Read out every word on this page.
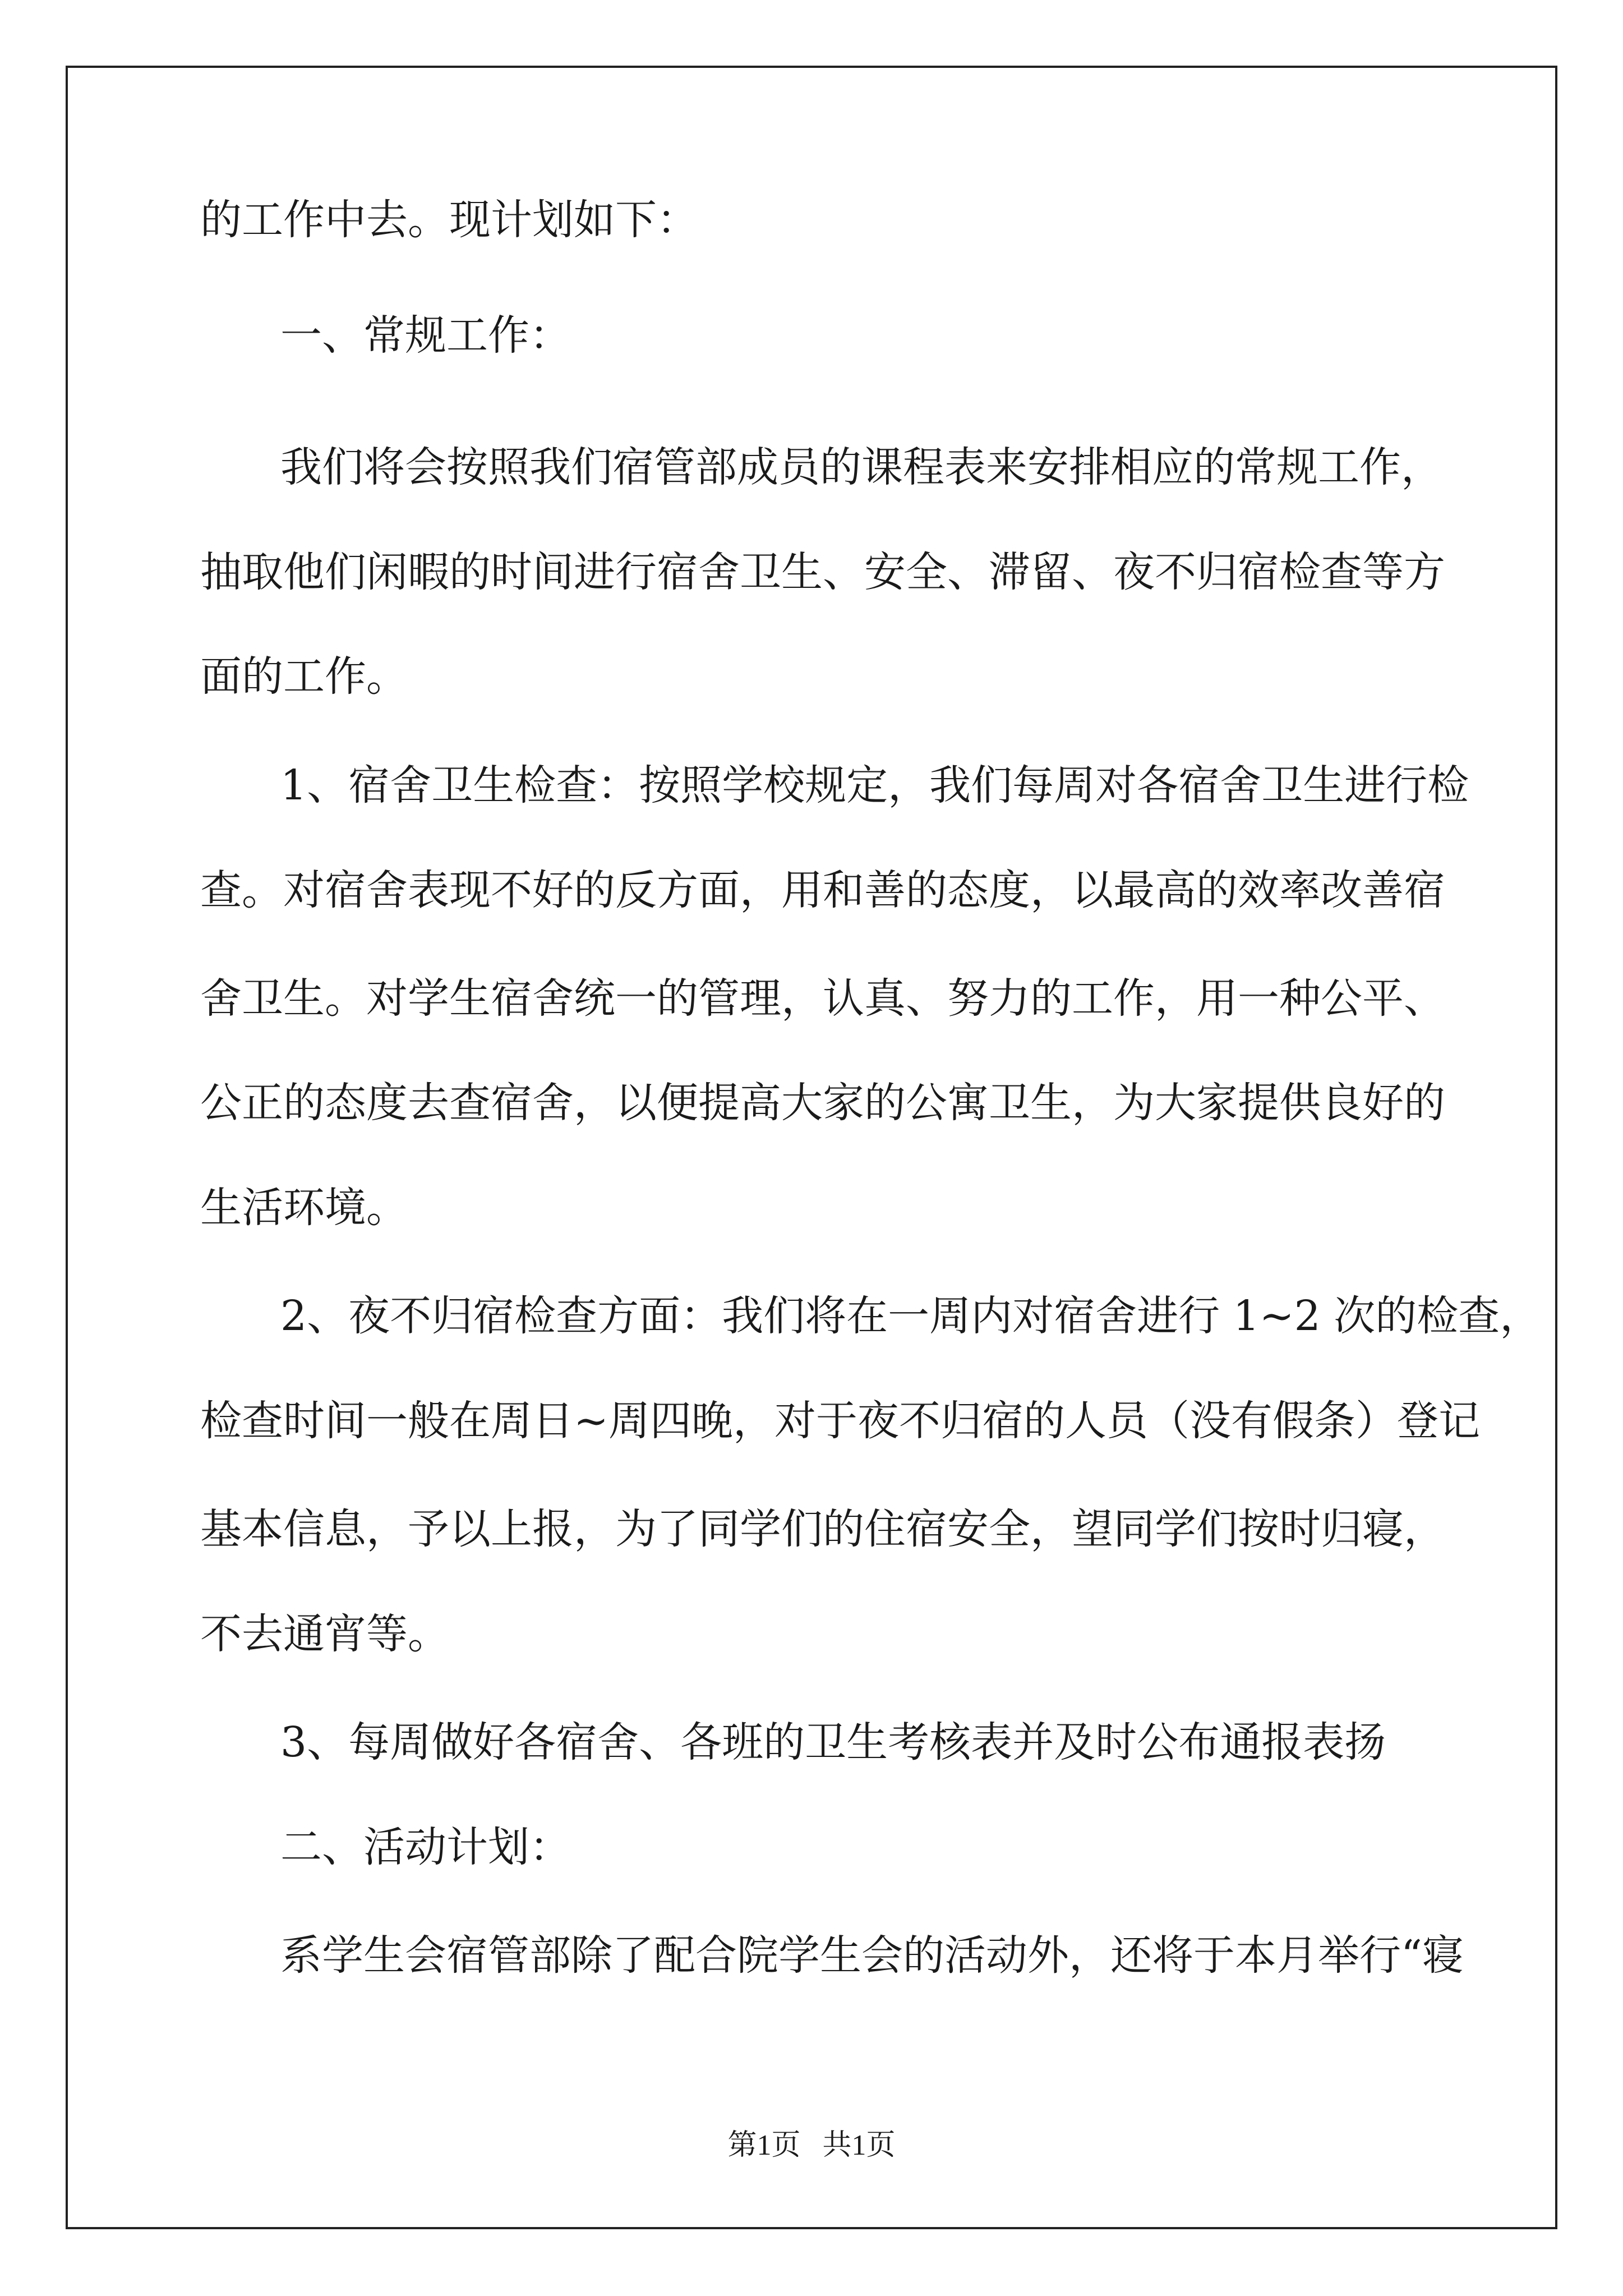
的工作中去。现计划如下：

一、常规工作：

我们将会按照我们宿管部成员的课程表来安排相应的常规工作，

抽取他们闲暇的时间进行宿舍卫生、安全、滞留、夜不归宿检查等方

面的工作。

1、宿舍卫生检查：按照学校规定，我们每周对各宿舍卫生进行检

查。对宿舍表现不好的反方面，用和善的态度，以最高的效率改善宿

舍卫生。对学生宿舍统一的管理，认真、努力的工作，用一种公平、

公正的态度去查宿舍，以便提高大家的公寓卫生，为大家提供良好的

生活环境。

2、夜不归宿检查方面：我们将在一周内对宿舍进行 1~2 次的检查，

检查时间一般在周日~周四晚，对于夜不归宿的人员（没有假条）登记

基本信息，予以上报，为了同学们的住宿安全，望同学们按时归寝，

不去通宵等。

3、每周做好各宿舍、各班的卫生考核表并及时公布通报表扬

二、活动计划：

系学生会宿管部除了配合院学生会的活动外，还将于本月举行“寝

第1页   共1页
